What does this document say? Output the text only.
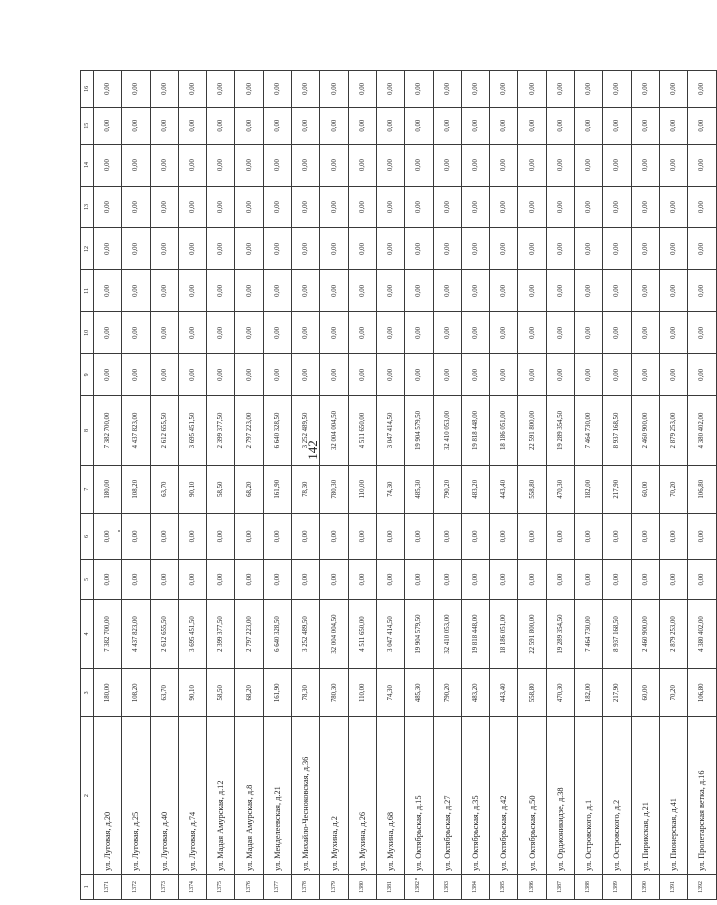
142
1	2	3	4	5	6	7	8	9	10	11	12	13	14	15	16
1371	ул. Луговая, д.20	180,00	7 382 700,00	0,00	0,00	180,00	7 382 700,00	0,00	0,00	0,00	0,00	0,00	0,00	0,00	0,00
1372	ул. Луговая, д.25	108,20	4 437 823,00	0,00	0,00	108,20	4 437 823,00	0,00	0,00	0,00	0,00	0,00	0,00	0,00	0,00
1373	ул. Луговая, д.40	63,70	2 612 655,50	0,00	0,00	63,70	2 612 655,50	0,00	0,00	0,00	0,00	0,00	0,00	0,00	0,00
1374	ул. Луговая, д.74	90,10	3 695 451,50	0,00	0,00	90,10	3 695 451,50	0,00	0,00	0,00	0,00	0,00	0,00	0,00	0,00
1375	ул. Мадая Амурская, д.12	58,50	2 399 377,50	0,00	0,00	58,50	2 399 377,50	0,00	0,00	0,00	0,00	0,00	0,00	0,00	0,00
1376	ул. Мадая Амурская, д.8	68,20	2 797 223,00	0,00	0,00	68,20	2 797 223,00	0,00	0,00	0,00	0,00	0,00	0,00	0,00	0,00
1377	ул. Менделеевская, д.21	161,90	6 640 328,50	0,00	0,00	161,90	6 640 328,50	0,00	0,00	0,00	0,00	0,00	0,00	0,00	0,00
1378	ул. Михайло-Чесноковская, д.36	78,30	3 252 489,50	0,00	0,00	78,30	3 252 489,50	0,00	0,00	0,00	0,00	0,00	0,00	0,00	0,00
1379	ул. Мухина, д.2	780,30	32 004 004,50	0,00	0,00	780,30	32 004 004,50	0,00	0,00	0,00	0,00	0,00	0,00	0,00	0,00
1380	ул. Мухина, д.26	110,00	4 511 650,00	0,00	0,00	110,00	4 511 650,00	0,00	0,00	0,00	0,00	0,00	0,00	0,00	0,00
1381	ул. Мухина, д.68	74,30	3 047 414,50	0,00	0,00	74,30	3 047 414,50	0,00	0,00	0,00	0,00	0,00	0,00	0,00	0,00
1382	ул. Октябрьская, д.15	485,30	19 904 579,50	0,00	0,00	485,30	19 904 579,50	0,00	0,00	0,00	0,00	0,00	0,00	0,00	0,00
1383	ул. Октябрьская, д.27	790,20	32 410 053,00	0,00	0,00	790,20	32 410 053,00	0,00	0,00	0,00	0,00	0,00	0,00	0,00	0,00
1384	ул. Октябрьская, д.35	483,20	19 818 448,00	0,00	0,00	483,20	19 818 448,00	0,00	0,00	0,00	0,00	0,00	0,00	0,00	0,00
1385	ул. Октябрьская, д.42	443,40	18 186 051,00	0,00	0,00	443,40	18 186 051,00	0,00	0,00	0,00	0,00	0,00	0,00	0,00	0,00
1386	ул. Октябрьская, д.50	558,80	22 591 800,00	0,00	0,00	558,80	22 591 800,00	0,00	0,00	0,00	0,00	0,00	0,00	0,00	0,00
1387	ул. Орджоникидзе, д.38	470,30	19 289 354,50	0,00	0,00	470,30	19 289 354,50	0,00	0,00	0,00	0,00	0,00	0,00	0,00	0,00
1388	ул. Островского, д.1	182,00	7 464 730,00	0,00	0,00	182,00	7 464 730,00	0,00	0,00	0,00	0,00	0,00	0,00	0,00	0,00
1389	ул. Островского, д.2	217,90	8 937 168,50	0,00	0,00	217,90	8 937 168,50	0,00	0,00	0,00	0,00	0,00	0,00	0,00	0,00
1390	ул. Пирикская, д.21	60,00	2 460 900,00	0,00	0,00	60,00	2 460 900,00	0,00	0,00	0,00	0,00	0,00	0,00	0,00	0,00
1391	ул. Пионерская, д.41	70,20	2 879 253,00	0,00	0,00	70,20	2 879 253,00	0,00	0,00	0,00	0,00	0,00	0,00	0,00	0,00
1392	ул. Пролетарская ветка, д.16	106,80	4 380 402,00	0,00	0,00	106,80	4 380 402,00	0,00	0,00	0,00	0,00	0,00	0,00	0,00	0,00
